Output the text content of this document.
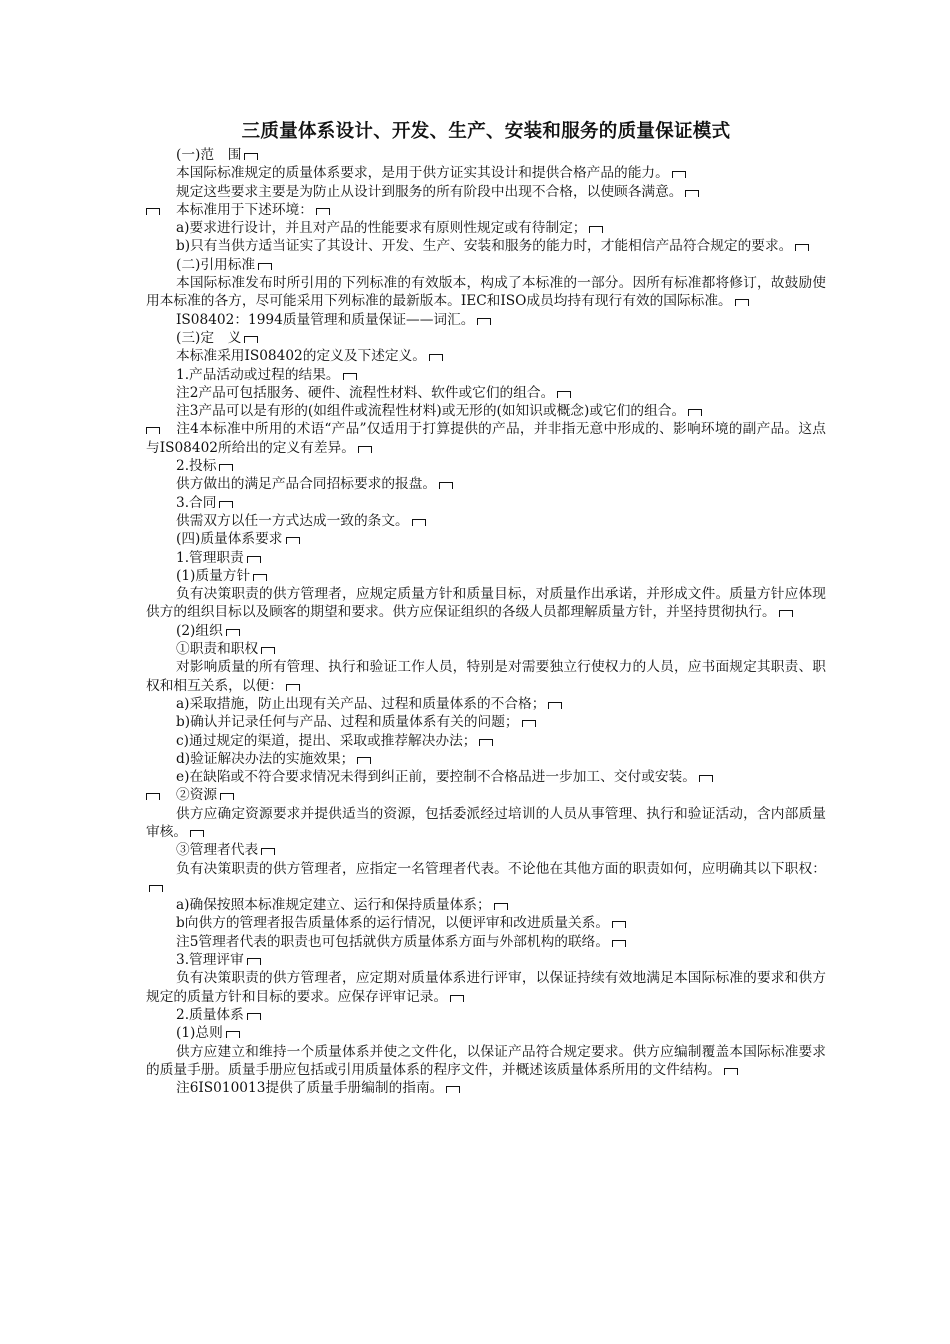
三质量体系设计、开发、生产、安装和服务的质量保证模式

(一)范　围

本国际标准规定的质量体系要求，是用于供方证实其设计和提供合格产品的能力。

规定这些要求主要是为防止从设计到服务的所有阶段中出现不合格，以使顾各满意。

本标准用于下述环境：

a)要求进行设计，并且对产品的性能要求有原则性规定或有待制定；

b)只有当供方适当证实了其设计、开发、生产、安装和服务的能力时，才能相信产品符合规定的要求。

(二)引用标准

本国际标准发布时所引用的下列标准的有效版本，构成了本标准的一部分。因所有标准都将修订，故鼓励使用本标准的各方，尽可能采用下列标准的最新版本。IEC和ISO成员均持有现行有效的国际标准。

IS08402：1994质量管理和质量保证——词汇。

(三)定　义

本标准采用IS08402的定义及下述定义。

1.产品活动或过程的结果。

注2产品可包括服务、硬件、流程性材料、软件或它们的组合。

注3产品可以是有形的(如组件或流程性材料)或无形的(如知识或概念)或它们的组合。

注4本标准中所用的术语“产品”仅适用于打算提供的产品，并非指无意中形成的、影响环境的副产品。这点与IS08402所给出的定义有差异。

2.投标

供方做出的满足产品合同招标要求的报盘。

3.合同

供需双方以任一方式达成一致的条文。

(四)质量体系要求

1.管理职责

(1)质量方针

负有决策职责的供方管理者，应规定质量方针和质量目标，对质量作出承诺，并形成文件。质量方针应体现供方的组织目标以及顾客的期望和要求。供方应保证组织的各级人员都理解质量方针，并坚持贯彻执行。

(2)组织

①职责和职权

对影响质量的所有管理、执行和验证工作人员，特别是对需要独立行使权力的人员，应书面规定其职责、职权和相互关系，以便：

a)采取措施，防止出现有关产品、过程和质量体系的不合格；

b)确认并记录任何与产品、过程和质量体系有关的问题；

c)通过规定的渠道，提出、采取或推荐解决办法；

d)验证解决办法的实施效果；

e)在缺陷或不符合要求情况未得到纠正前，要控制不合格品进一步加工、交付或安装。

②资源

供方应确定资源要求并提供适当的资源，包括委派经过培训的人员从事管理、执行和验证活动，含内部质量审核。

③管理者代表

负有决策职责的供方管理者，应指定一名管理者代表。不论他在其他方面的职责如何，应明确其以下职权：

a)确保按照本标准规定建立、运行和保持质量体系；

b向供方的管理者报告质量体系的运行情况，以便评审和改进质量关系。

注5管理者代表的职责也可包括就供方质量体系方面与外部机构的联络。

3.管理评审

负有决策职责的供方管理者，应定期对质量体系进行评审，以保证持续有效地满足本国际标准的要求和供方规定的质量方针和目标的要求。应保存评审记录。

2.质量体系

(1)总则

供方应建立和维持一个质量体系并使之文件化，以保证产品符合规定要求。供方应编制覆盖本国际标准要求的质量手册。质量手册应包括或引用质量体系的程序文件，并概述该质量体系所用的文件结构。

注6IS010013提供了质量手册编制的指南。
